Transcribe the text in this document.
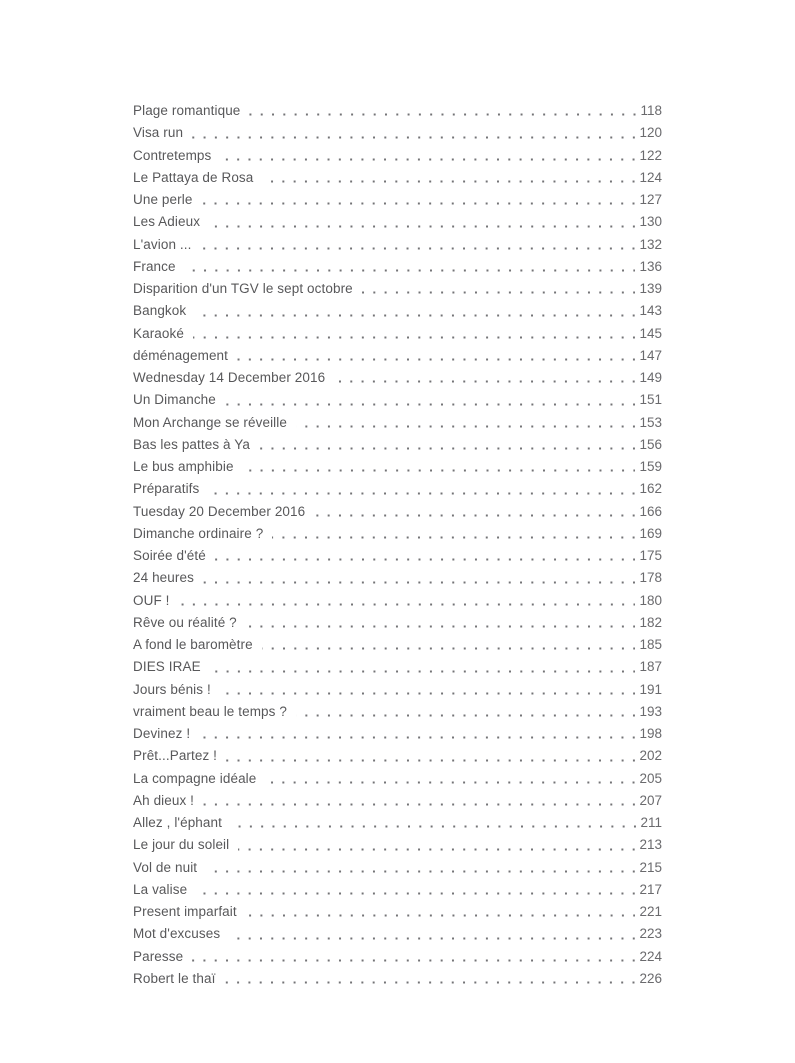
Plage romantique	118
Visa run	120
Contretemps	122
Le Pattaya de Rosa	124
Une perle	127
Les Adieux	130
L'avion ...	132
France	136
Disparition d'un TGV le sept octobre	139
Bangkok	143
Karaoké	145
déménagement	147
Wednesday 14 December 2016	149
Un Dimanche	151
Mon Archange se réveille	153
Bas les pattes à Ya	156
Le bus amphibie	159
Préparatifs	162
Tuesday 20 December 2016	166
Dimanche ordinaire ?	169
Soirée d'été	175
24 heures	178
OUF !	180
Rêve ou réalité ?	182
A fond le baromètre	185
DIES IRAE	187
Jours bénis !	191
vraiment beau le temps ?	193
Devinez !	198
Prêt...Partez !	202
La compagne idéale	205
Ah dieux !	207
Allez , l'éphant	211
Le jour du soleil	213
Vol de nuit	215
La valise	217
Present imparfait	221
Mot d'excuses	223
Paresse	224
Robert le thaï	226
